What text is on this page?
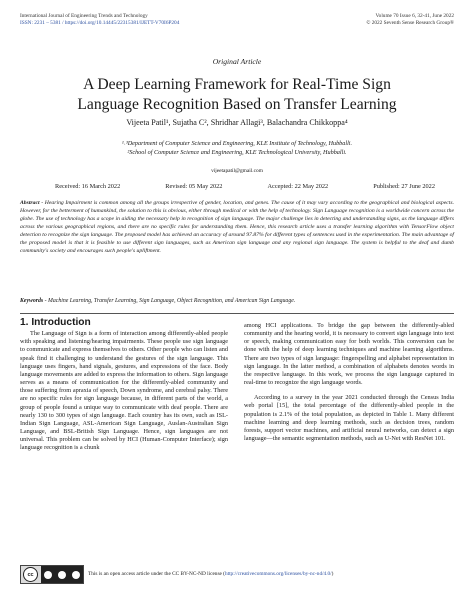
International Journal of Engineering Trends and Technology
ISSN: 2231 – 5381 / https://doi.org/10.14445/22315381/IJETT-V70I6P204
Volume 70 Issue 6, 32-41, June 2022
© 2022 Seventh Sense Research Group®
Original Article
A Deep Learning Framework for Real-Time Sign
Language Recognition Based on Transfer Learning
Vijeeta Patil¹, Sujatha C², Shridhar Allagi³, Balachandra Chikkoppa⁴
¹˒³Department of Computer Science and Engineering, KLE Institute of Technology, Hubballi.
²School of Computer Science and Engineering, KLE Technological University, Hubballi.
vijeetapatil@gmail.com
Received: 16 March 2022	Revised: 05 May 2022	Accepted: 22 May 2022	Published: 27 June 2022
Abstract - Hearing Impairment is common among all the groups irrespective of gender, location, and genes. The cause of it may vary according to the geographical and biological aspects. However, for the betterment of humankind, the solution to this is obvious, either through medical or with the help of technology. Sign Language recognition is a worldwide concern across the globe. The use of technology has a scope in aiding the necessary help in recognition of sign language. The major challenge lies in detecting and understanding signs, as the language differs across the various geographical regions, and there are no specific rules for understanding them. Hence, this research article uses a transfer learning algorithm with TensorFlow object detection to recognize the sign language. The proposed model has achieved an accuracy of around 97.87% for different types of sentences used in the experimentation. The main advantage of the proposed model is that it is feasible to use different sign languages, such as American sign language and any regional sign language. The system is helpful to the deaf and dumb community's society and encourages such people's upliftment.
Keywords - Machine Learning, Transfer Learning, Sign Language, Object Recognition, and American Sign Language.
1. Introduction

The Language of Sign is a form of interaction among differently-abled people with speaking and listening/hearing impairments. These people use sign language to communicate and express themselves to others. Other people who can listen and speak find it challenging to understand the gestures of the sign language. This language uses fingers, hand signals, gestures, and expressions of the face. Body language movements are added to express the information to others. Sign language serves as a means of communication for the differently-abled community and those suffering from apraxia of speech, Down syndrome, and cerebral palsy. There are no specific rules for sign language because, in different parts of the world, a group of people found a unique way to communicate with deaf people. There are nearly 130 to 300 types of sign language. Each country has its own, such as ISL-Indian Sign Language, ASL-American Sign Language, Auslan-Australian Sign Language, and BSL-British Sign Language. Hence, sign languages are not universal. This problem can be solved by HCI (Human-Computer Interface); sign language recognition is a chunk

among HCI applications. To bridge the gap between the differently-abled community and the hearing world, it is necessary to convert sign language into text or speech, making communication easy for both worlds. This conversion can be done with the help of deep learning techniques and machine learning algorithms. There are two types of sign language: fingerspelling and alphabet representation in sign language. In the latter method, a combination of alphabets denotes words in the respective language. In this work, we process the sign language captured in real-time to recognize the sign language words.

According to a survey in the year 2021 conducted through the Census India web portal [15], the total percentage of the differently-abled people in the population is 2.1% of the total population, as depicted in Table 1. Many different machine learning and deep learning methods, such as decision trees, random forests, support vector machines, and artificial neural networks, can detect a sign language—the semantic segmentation methods, such as U-Net with ResNet 101.

cc	This is an open access article under the CC BY-NC-ND license (http://creativecommons.org/licenses/by-nc-nd/4.0/)
